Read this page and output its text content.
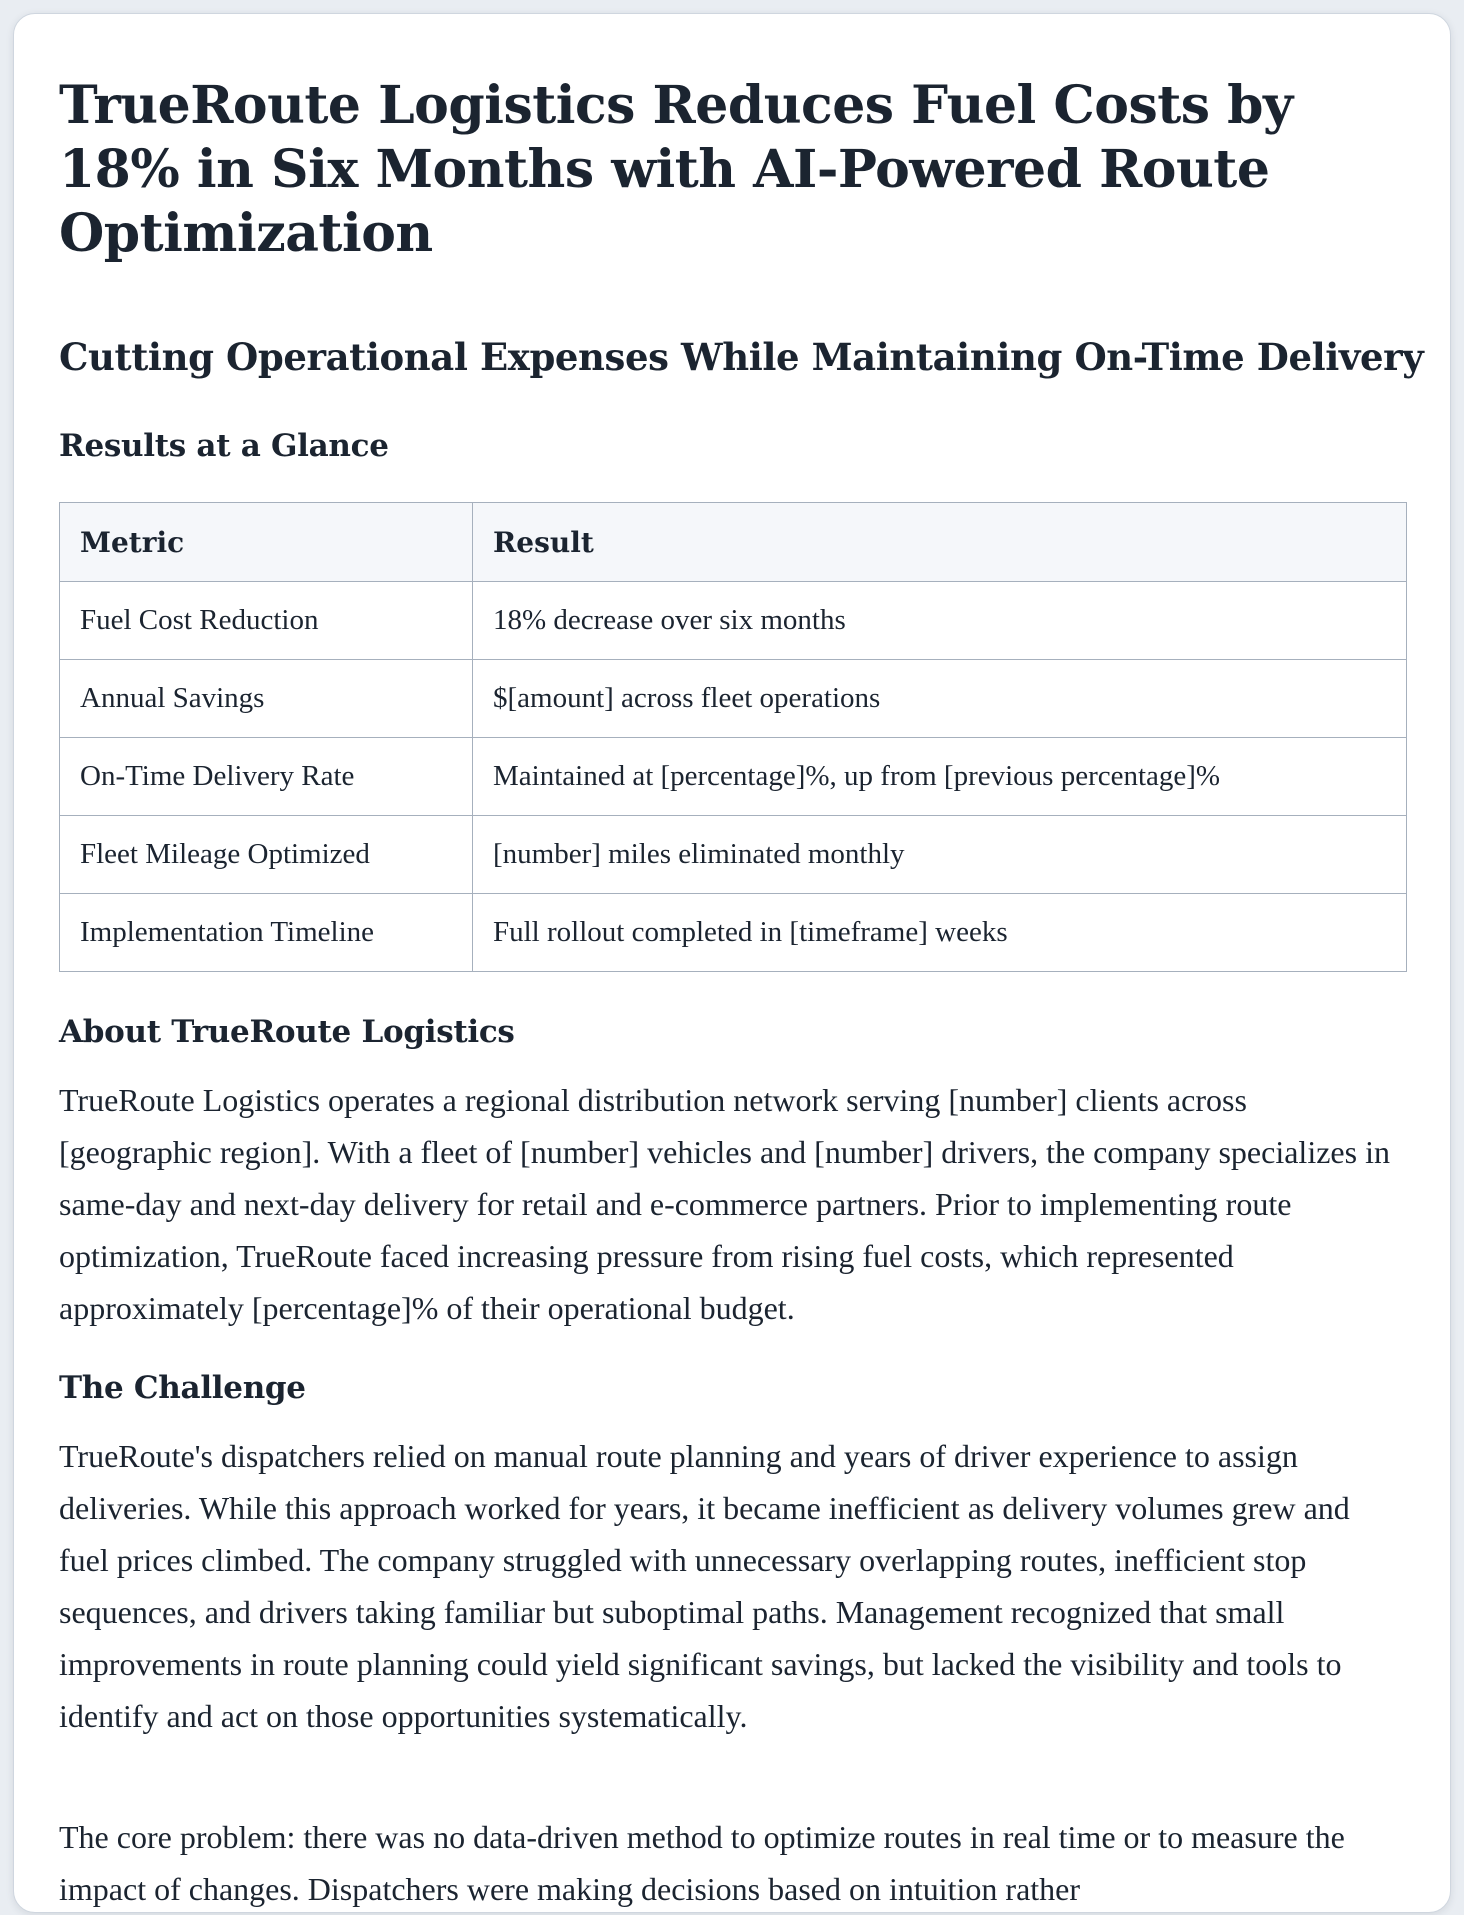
TrueRoute Logistics Reduces Fuel Costs by 18% in Six Months with AI-Powered Route Optimization
Cutting Operational Expenses While Maintaining On-Time Delivery
Results at a Glance
Metric	Result
Fuel Cost Reduction	18% decrease over six months
Annual Savings	$[amount] across fleet operations
On-Time Delivery Rate	Maintained at [percentage]%, up from [previous percentage]%
Fleet Mileage Optimized	[number] miles eliminated monthly
Implementation Timeline	Full rollout completed in [timeframe] weeks
About TrueRoute Logistics

TrueRoute Logistics operates a regional distribution network serving [number] clients across [geographic region]. With a fleet of [number] vehicles and [number] drivers, the company specializes in same-day and next-day delivery for retail and e-commerce partners. Prior to implementing route optimization, TrueRoute faced increasing pressure from rising fuel costs, which represented approximately [percentage]% of their operational budget.

The Challenge

TrueRoute's dispatchers relied on manual route planning and years of driver experience to assign deliveries. While this approach worked for years, it became inefficient as delivery volumes grew and fuel prices climbed. The company struggled with unnecessary overlapping routes, inefficient stop sequences, and drivers taking familiar but suboptimal paths. Management recognized that small improvements in route planning could yield significant savings, but lacked the visibility and tools to identify and act on those opportunities systematically.

The core problem: there was no data-driven method to optimize routes in real time or to measure the impact of changes. Dispatchers were making decisions based on intuition rather
